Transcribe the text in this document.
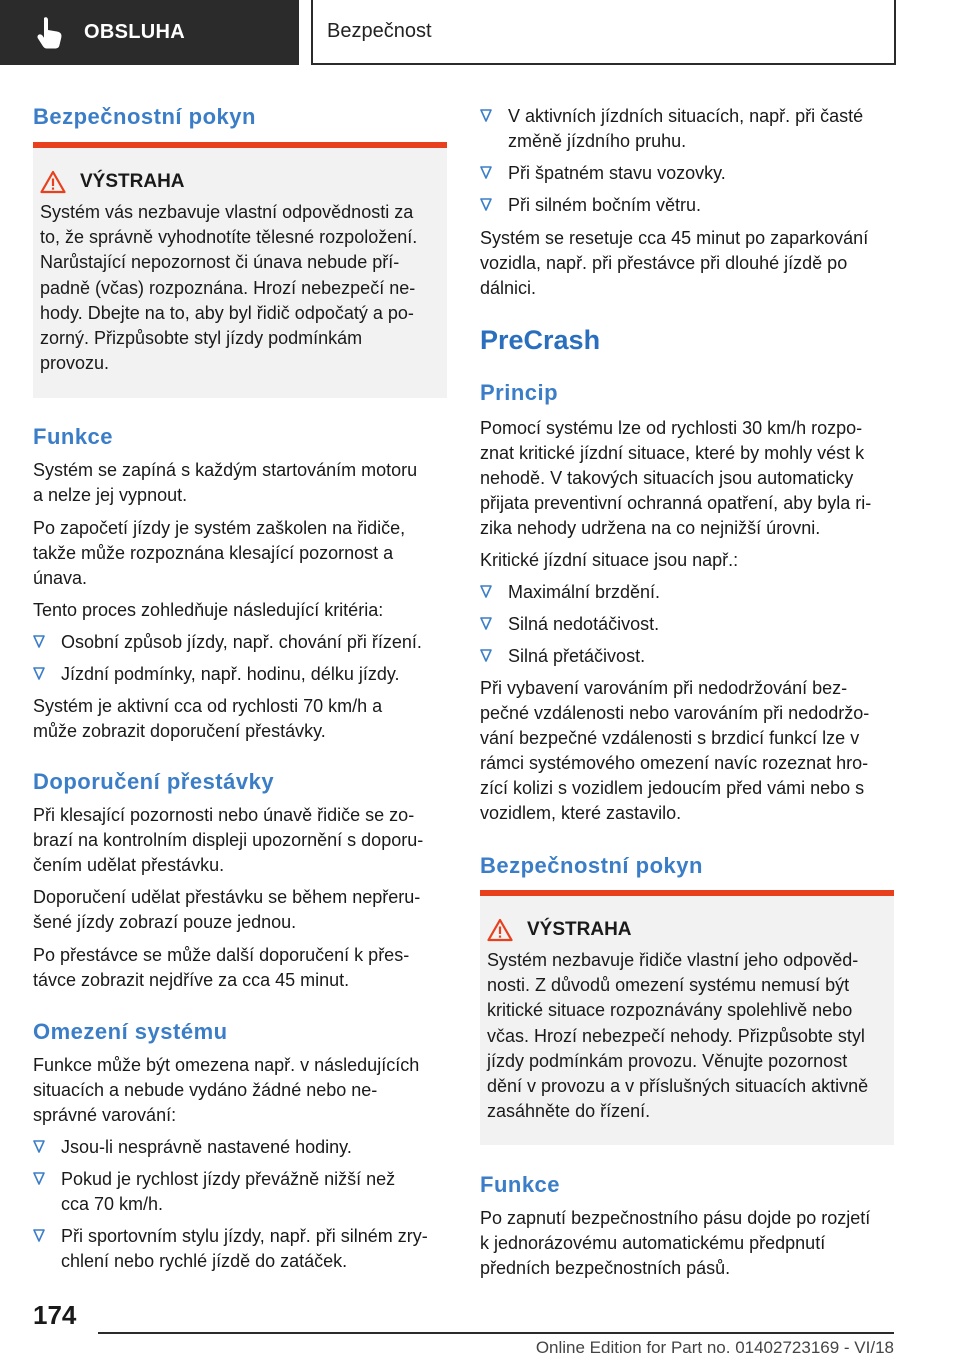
OBSLUHA	Bezpečnost
Bezpečnostní pokyn
VÝSTRAHA

Systém vás nezbavuje vlastní odpovědnosti za
to, že správně vyhodnotíte tělesné rozpoložení.
Narůstající nepozornost či únava nebude pří‐
padně (včas) rozpoznána. Hrozí nebezpečí ne‐
hody. Dbejte na to, aby byl řidič odpočatý a po‐
zorný. Přizpůsobte styl jízdy podmínkám
provozu.

Funkce

Systém se zapíná s každým startováním motoru
a nelze jej vypnout.

Po započetí jízdy je systém zaškolen na řidiče,
takže může rozpoznána klesající pozornost a
únava.

Tento proces zohledňuje následující kritéria:

Osobní způsob jízdy, např. chování při řízení.
Jízdní podmínky, např. hodinu, délku jízdy.

Systém je aktivní cca od rychlosti 70 km/h a
může zobrazit doporučení přestávky.

Doporučení přestávky

Při klesající pozornosti nebo únavě řidiče se zo‐
brazí na kontrolním displeji upozornění s doporu‐
čením udělat přestávku.

Doporučení udělat přestávku se během nepřeru‐
šené jízdy zobrazí pouze jednou.

Po přestávce se může další doporučení k přes‐
távce zobrazit nejdříve za cca 45 minut.

Omezení systému

Funkce může být omezena např. v následujících
situacích a nebude vydáno žádné nebo ne‐
správné varování:

Jsou-li nesprávně nastavené hodiny.
Pokud je rychlost jízdy převážně nižší než
cca 70 km/h.
Při sportovním stylu jízdy, např. při silném zry‐
chlení nebo rychlé jízdě do zatáček.
V aktivních jízdních situacích, např. při časté
změně jízdního pruhu.
Při špatném stavu vozovky.
Při silném bočním větru.

Systém se resetuje cca 45 minut po zaparkování
vozidla, např. při přestávce při dlouhé jízdě po
dálnici.

PreCrash
Princip

Pomocí systému lze od rychlosti 30 km/h rozpo‐
znat kritické jízdní situace, které by mohly vést k
nehodě. V takových situacích jsou automaticky
přijata preventivní ochranná opatření, aby byla ri‐
zika nehody udržena na co nejnižší úrovni.

Kritické jízdní situace jsou např.:

Maximální brzdění.
Silná nedotáčivost.
Silná přetáčivost.

Při vybavení varováním při nedodržování bez‐
pečné vzdálenosti nebo varováním při nedodržo‐
vání bezpečné vzdálenosti s brzdicí funkcí lze v
rámci systémového omezení navíc rozeznat hro‐
zící kolizi s vozidlem jedoucím před vámi nebo s
vozidlem, které zastavilo.

Bezpečnostní pokyn
VÝSTRAHA

Systém nezbavuje řidiče vlastní jeho odpověd‐
nosti. Z důvodů omezení systému nemusí být
kritické situace rozpoznávány spolehlivě nebo
včas. Hrozí nebezpečí nehody. Přizpůsobte styl
jízdy podmínkám provozu. Věnujte pozornost
dění v provozu a v příslušných situacích aktivně
zasáhněte do řízení.

Funkce

Po zapnutí bezpečnostního pásu dojde po rozjetí
k jednorázovému automatickému předpnutí
předních bezpečnostních pásů.

174
Online Edition for Part no. 01402723169 - VI/18
